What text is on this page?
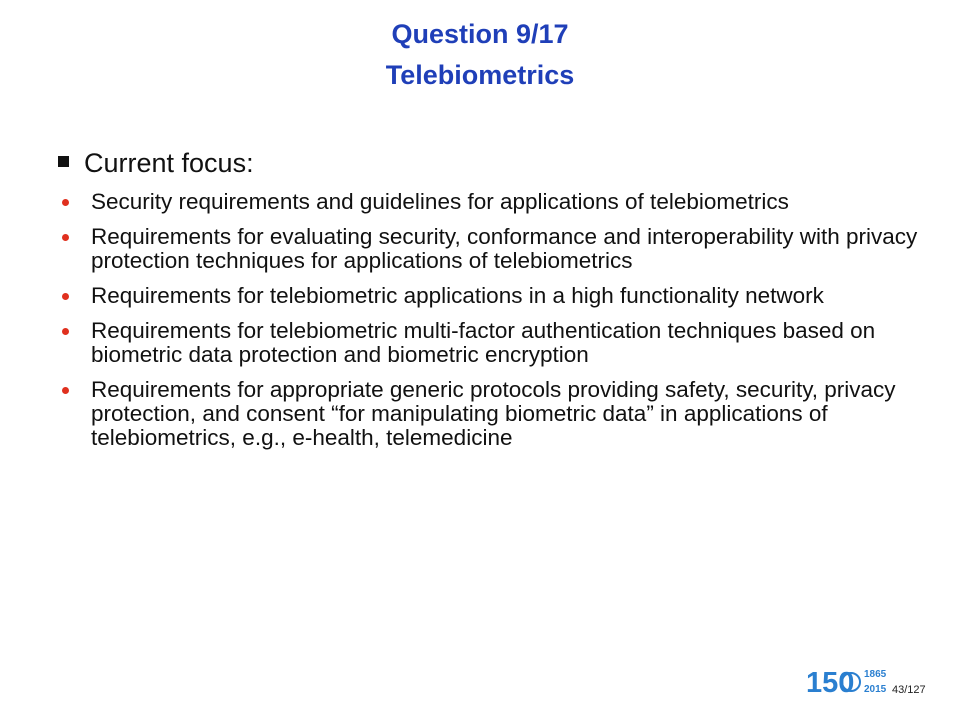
Question 9/17
Telebiometrics
Current focus:
Security requirements and guidelines for applications of telebiometrics
Requirements for evaluating security, conformance and interoperability with privacy protection techniques for applications of telebiometrics
Requirements for telebiometric applications in a high functionality network
Requirements for telebiometric multi-factor authentication techniques based on biometric data protection and biometric encryption
Requirements for appropriate generic protocols providing safety, security, privacy protection, and consent “for manipulating biometric data” in applications of telebiometrics, e.g., e-health, telemedicine
150 1865
2015 43/127
